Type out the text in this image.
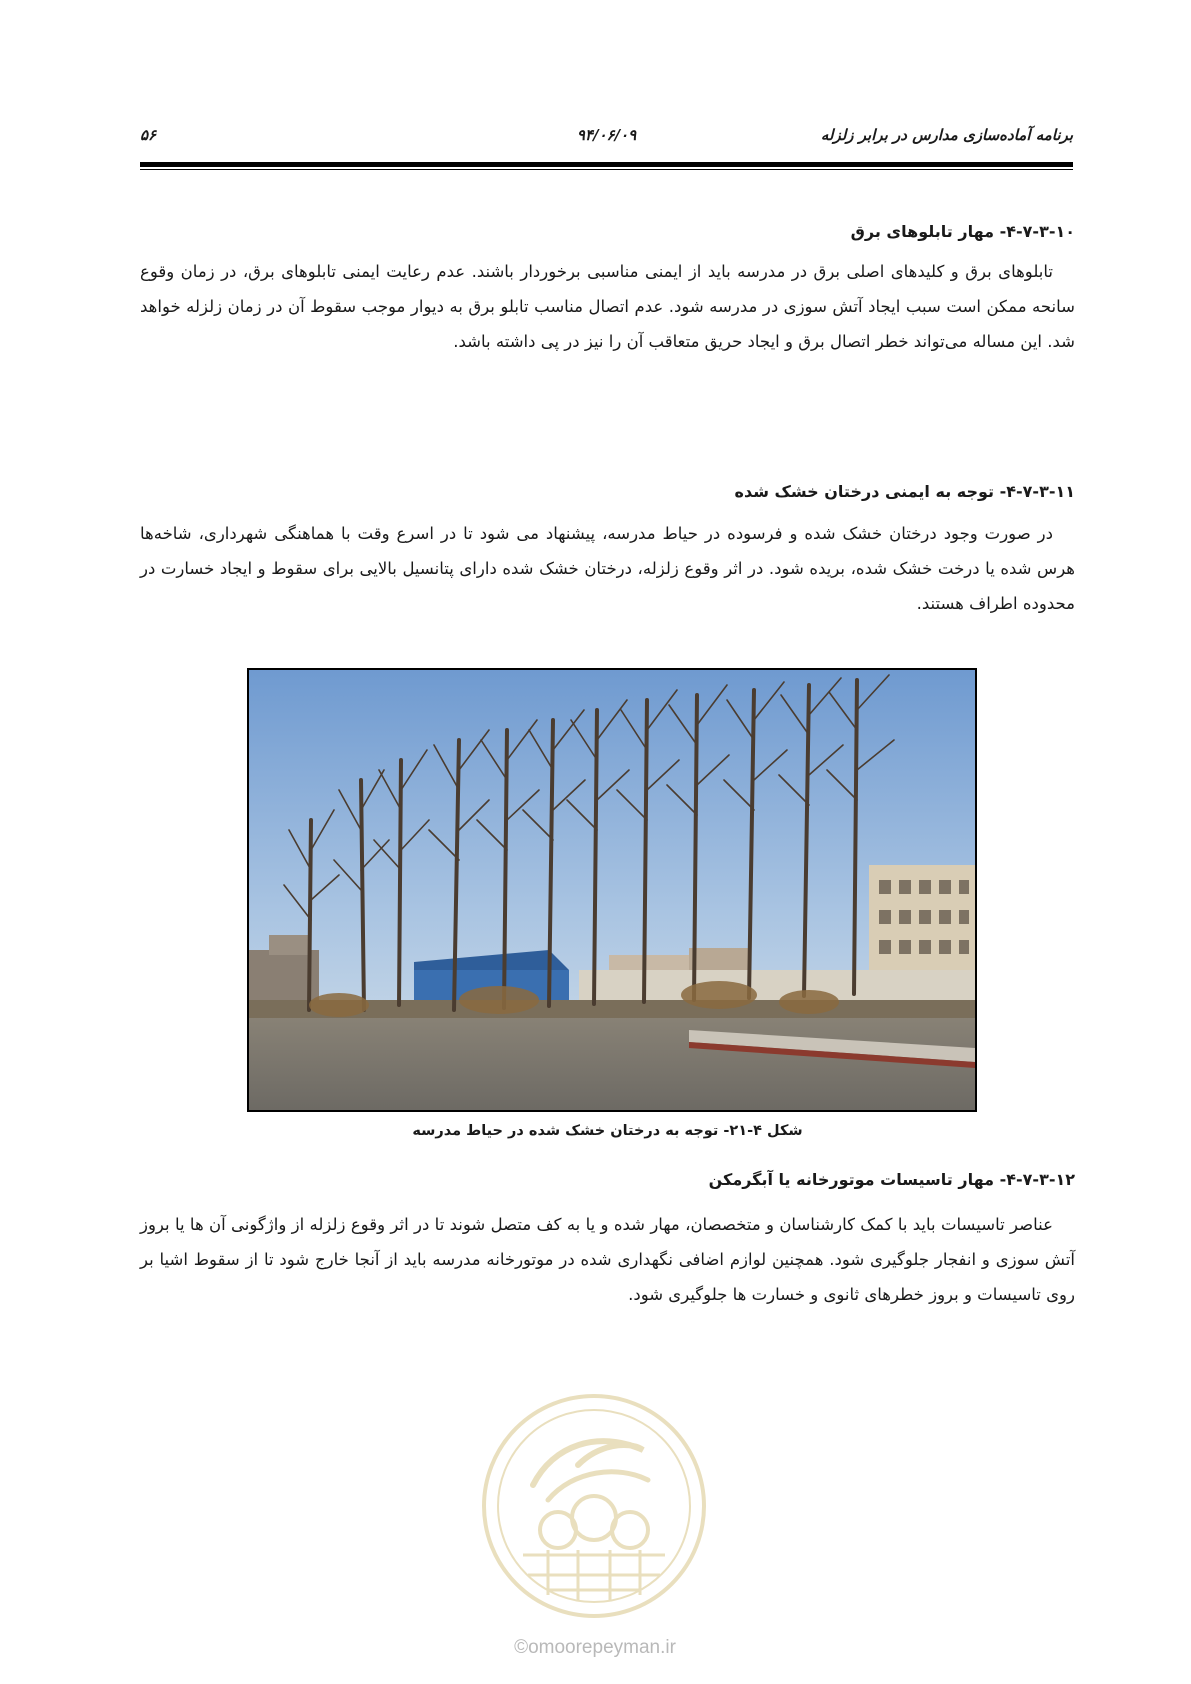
برنامه آماده‌سازی مدارس در برابر زلزله
۹۴/۰۶/۰۹
۵۶
۴-۷-۳-۱۰- مهار تابلوهای برق

تابلوهای برق و کلیدهای اصلی برق در مدرسه باید از ایمنی مناسبی برخوردار باشند. عدم رعایت ایمنی تابلوهای برق، در زمان وقوع سانحه ممکن است سبب ایجاد آتش سوزی در مدرسه شود. عدم اتصال مناسب تابلو برق به دیوار موجب سقوط آن در زمان زلزله خواهد شد. این مساله می‌تواند خطر اتصال برق و ایجاد حریق متعاقب آن را نیز در پی داشته باشد.

۴-۷-۳-۱۱- توجه به ایمنی درختان خشک شده

در صورت وجود درختان خشک شده و فرسوده در حیاط مدرسه، پیشنهاد می شود تا در اسرع وقت با هماهنگی شهرداری، شاخه‌ها هرس شده یا درخت خشک شده، بریده شود. در اثر وقوع زلزله، درختان خشک شده دارای پتانسیل بالایی برای سقوط و ایجاد خسارت در محدوده اطراف هستند.

۴-۷-۳-۱۲- مهار تاسیسات موتورخانه یا آبگرمکن

عناصر تاسیسات باید با کمک کارشناسان و متخصصان، مهار شده و یا به کف متصل شوند تا در اثر وقوع زلزله از واژگونی آن ها یا بروز آتش سوزی و انفجار جلوگیری شود. همچنین لوازم اضافی نگهداری شده در موتورخانه مدرسه باید از آنجا خارج شود تا از سقوط اشیا بر روی تاسیسات و بروز خطرهای ثانوی و خسارت ها جلوگیری شود.

شکل ۴-۲۱- توجه به درختان خشک شده در حیاط مدرسه
©omoorepeyman.ir
